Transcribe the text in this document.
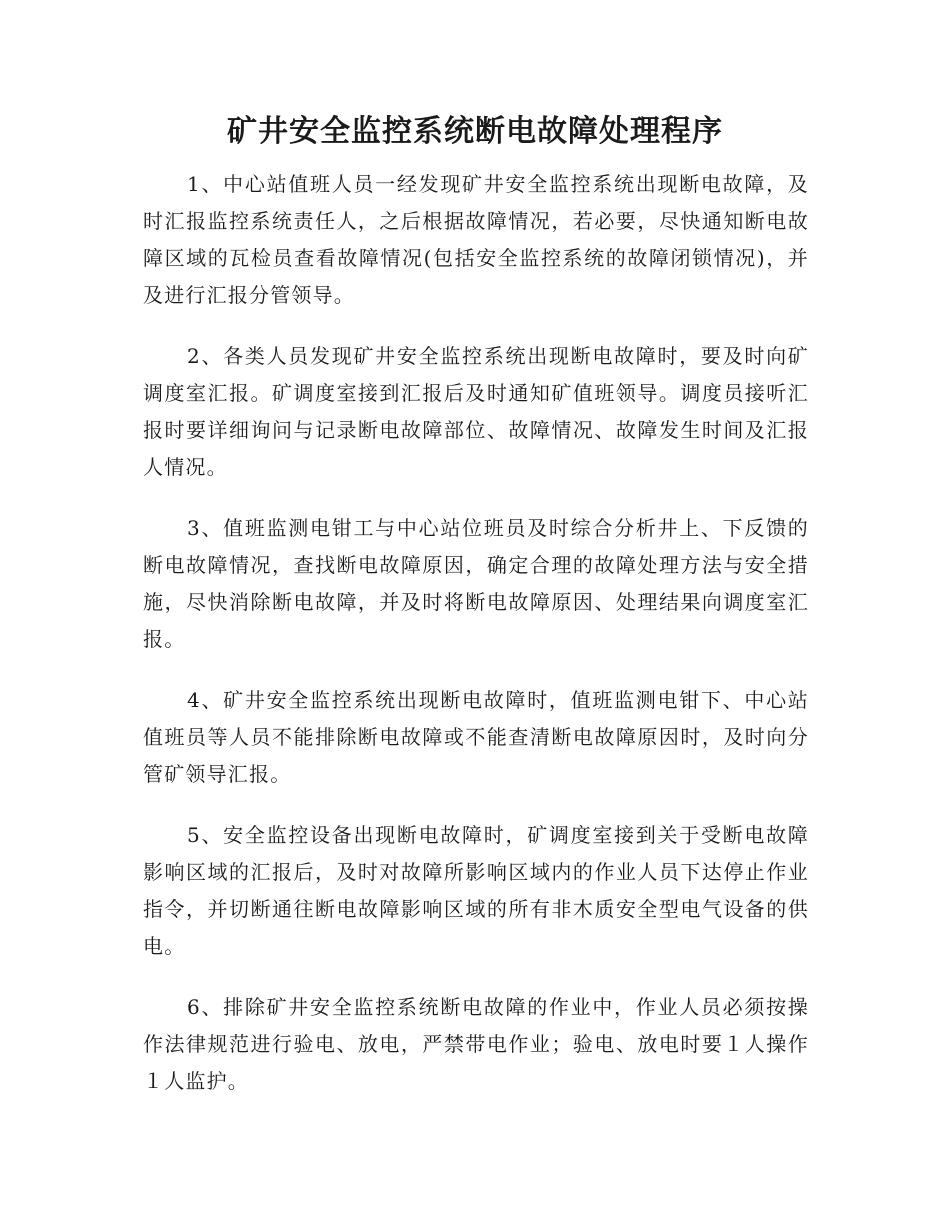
矿井安全监控系统断电故障处理程序

1、中心站值班人员一经发现矿井安全监控系统出现断电故障，及时汇报监控系统责任人，之后根据故障情况，若必要，尽快通知断电故障区域的瓦检员查看故障情况(包括安全监控系统的故障闭锁情况)，并及进行汇报分管领导。

2、各类人员发现矿井安全监控系统出现断电故障时，要及时向矿调度室汇报。矿调度室接到汇报后及时通知矿值班领导。调度员接听汇报时要详细询问与记录断电故障部位、故障情况、故障发生时间及汇报人情况。

3、值班监测电钳工与中心站位班员及时综合分析井上、下反馈的断电故障情况，查找断电故障原因，确定合理的故障处理方法与安全措施，尽快消除断电故障，并及时将断电故障原因、处理结果向调度室汇报。

4、矿井安全监控系统出现断电故障时，值班监测电钳下、中心站值班员等人员不能排除断电故障或不能查清断电故障原因时，及时向分管矿领导汇报。

5、安全监控设备出现断电故障时，矿调度室接到关于受断电故障影响区域的汇报后，及时对故障所影响区域内的作业人员下达停止作业指令，并切断通往断电故障影响区域的所有非木质安全型电气设备的供电。

6、排除矿井安全监控系统断电故障的作业中，作业人员必须按操作法律规范进行验电、放电，严禁带电作业；验电、放电时要１人操作１人监护。
